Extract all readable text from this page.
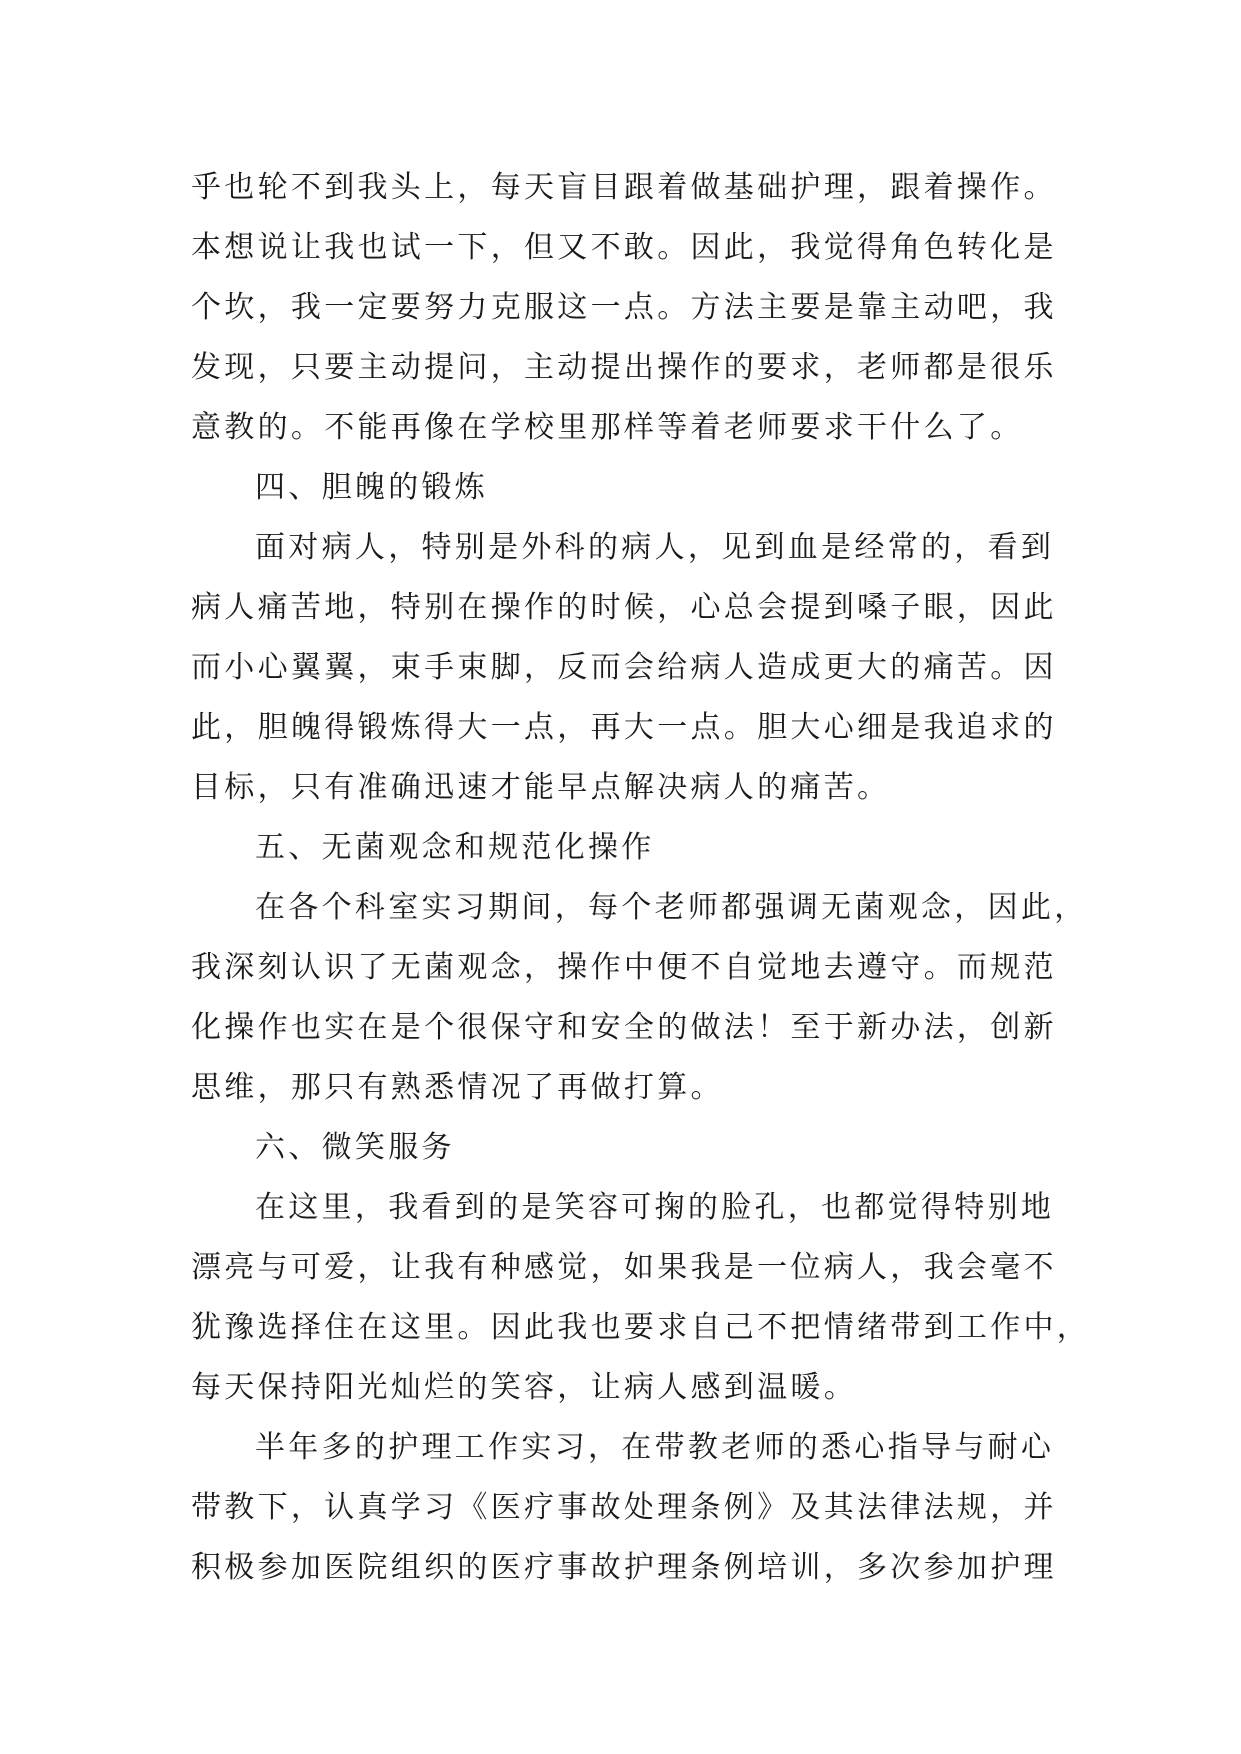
乎也轮不到我头上，每天盲目跟着做基础护理，跟着操作。
本想说让我也试一下，但又不敢。因此，我觉得角色转化是
个坎，我一定要努力克服这一点。方法主要是靠主动吧，我
发现，只要主动提问，主动提出操作的要求，老师都是很乐
意教的。不能再像在学校里那样等着老师要求干什么了。
四、胆魄的锻炼
面对病人，特别是外科的病人，见到血是经常的，看到
病人痛苦地，特别在操作的时候，心总会提到嗓子眼，因此
而小心翼翼，束手束脚，反而会给病人造成更大的痛苦。因
此，胆魄得锻炼得大一点，再大一点。胆大心细是我追求的
目标，只有准确迅速才能早点解决病人的痛苦。
五、无菌观念和规范化操作
在各个科室实习期间，每个老师都强调无菌观念，因此，
我深刻认识了无菌观念，操作中便不自觉地去遵守。而规范
化操作也实在是个很保守和安全的做法！至于新办法，创新
思维，那只有熟悉情况了再做打算。
六、微笑服务
在这里，我看到的是笑容可掬的脸孔，也都觉得特别地
漂亮与可爱，让我有种感觉，如果我是一位病人，我会毫不
犹豫选择住在这里。因此我也要求自己不把情绪带到工作中，
每天保持阳光灿烂的笑容，让病人感到温暖。
半年多的护理工作实习，在带教老师的悉心指导与耐心
带教下，认真学习《医疗事故处理条例》及其法律法规，并
积极参加医院组织的医疗事故护理条例培训，多次参加护理
